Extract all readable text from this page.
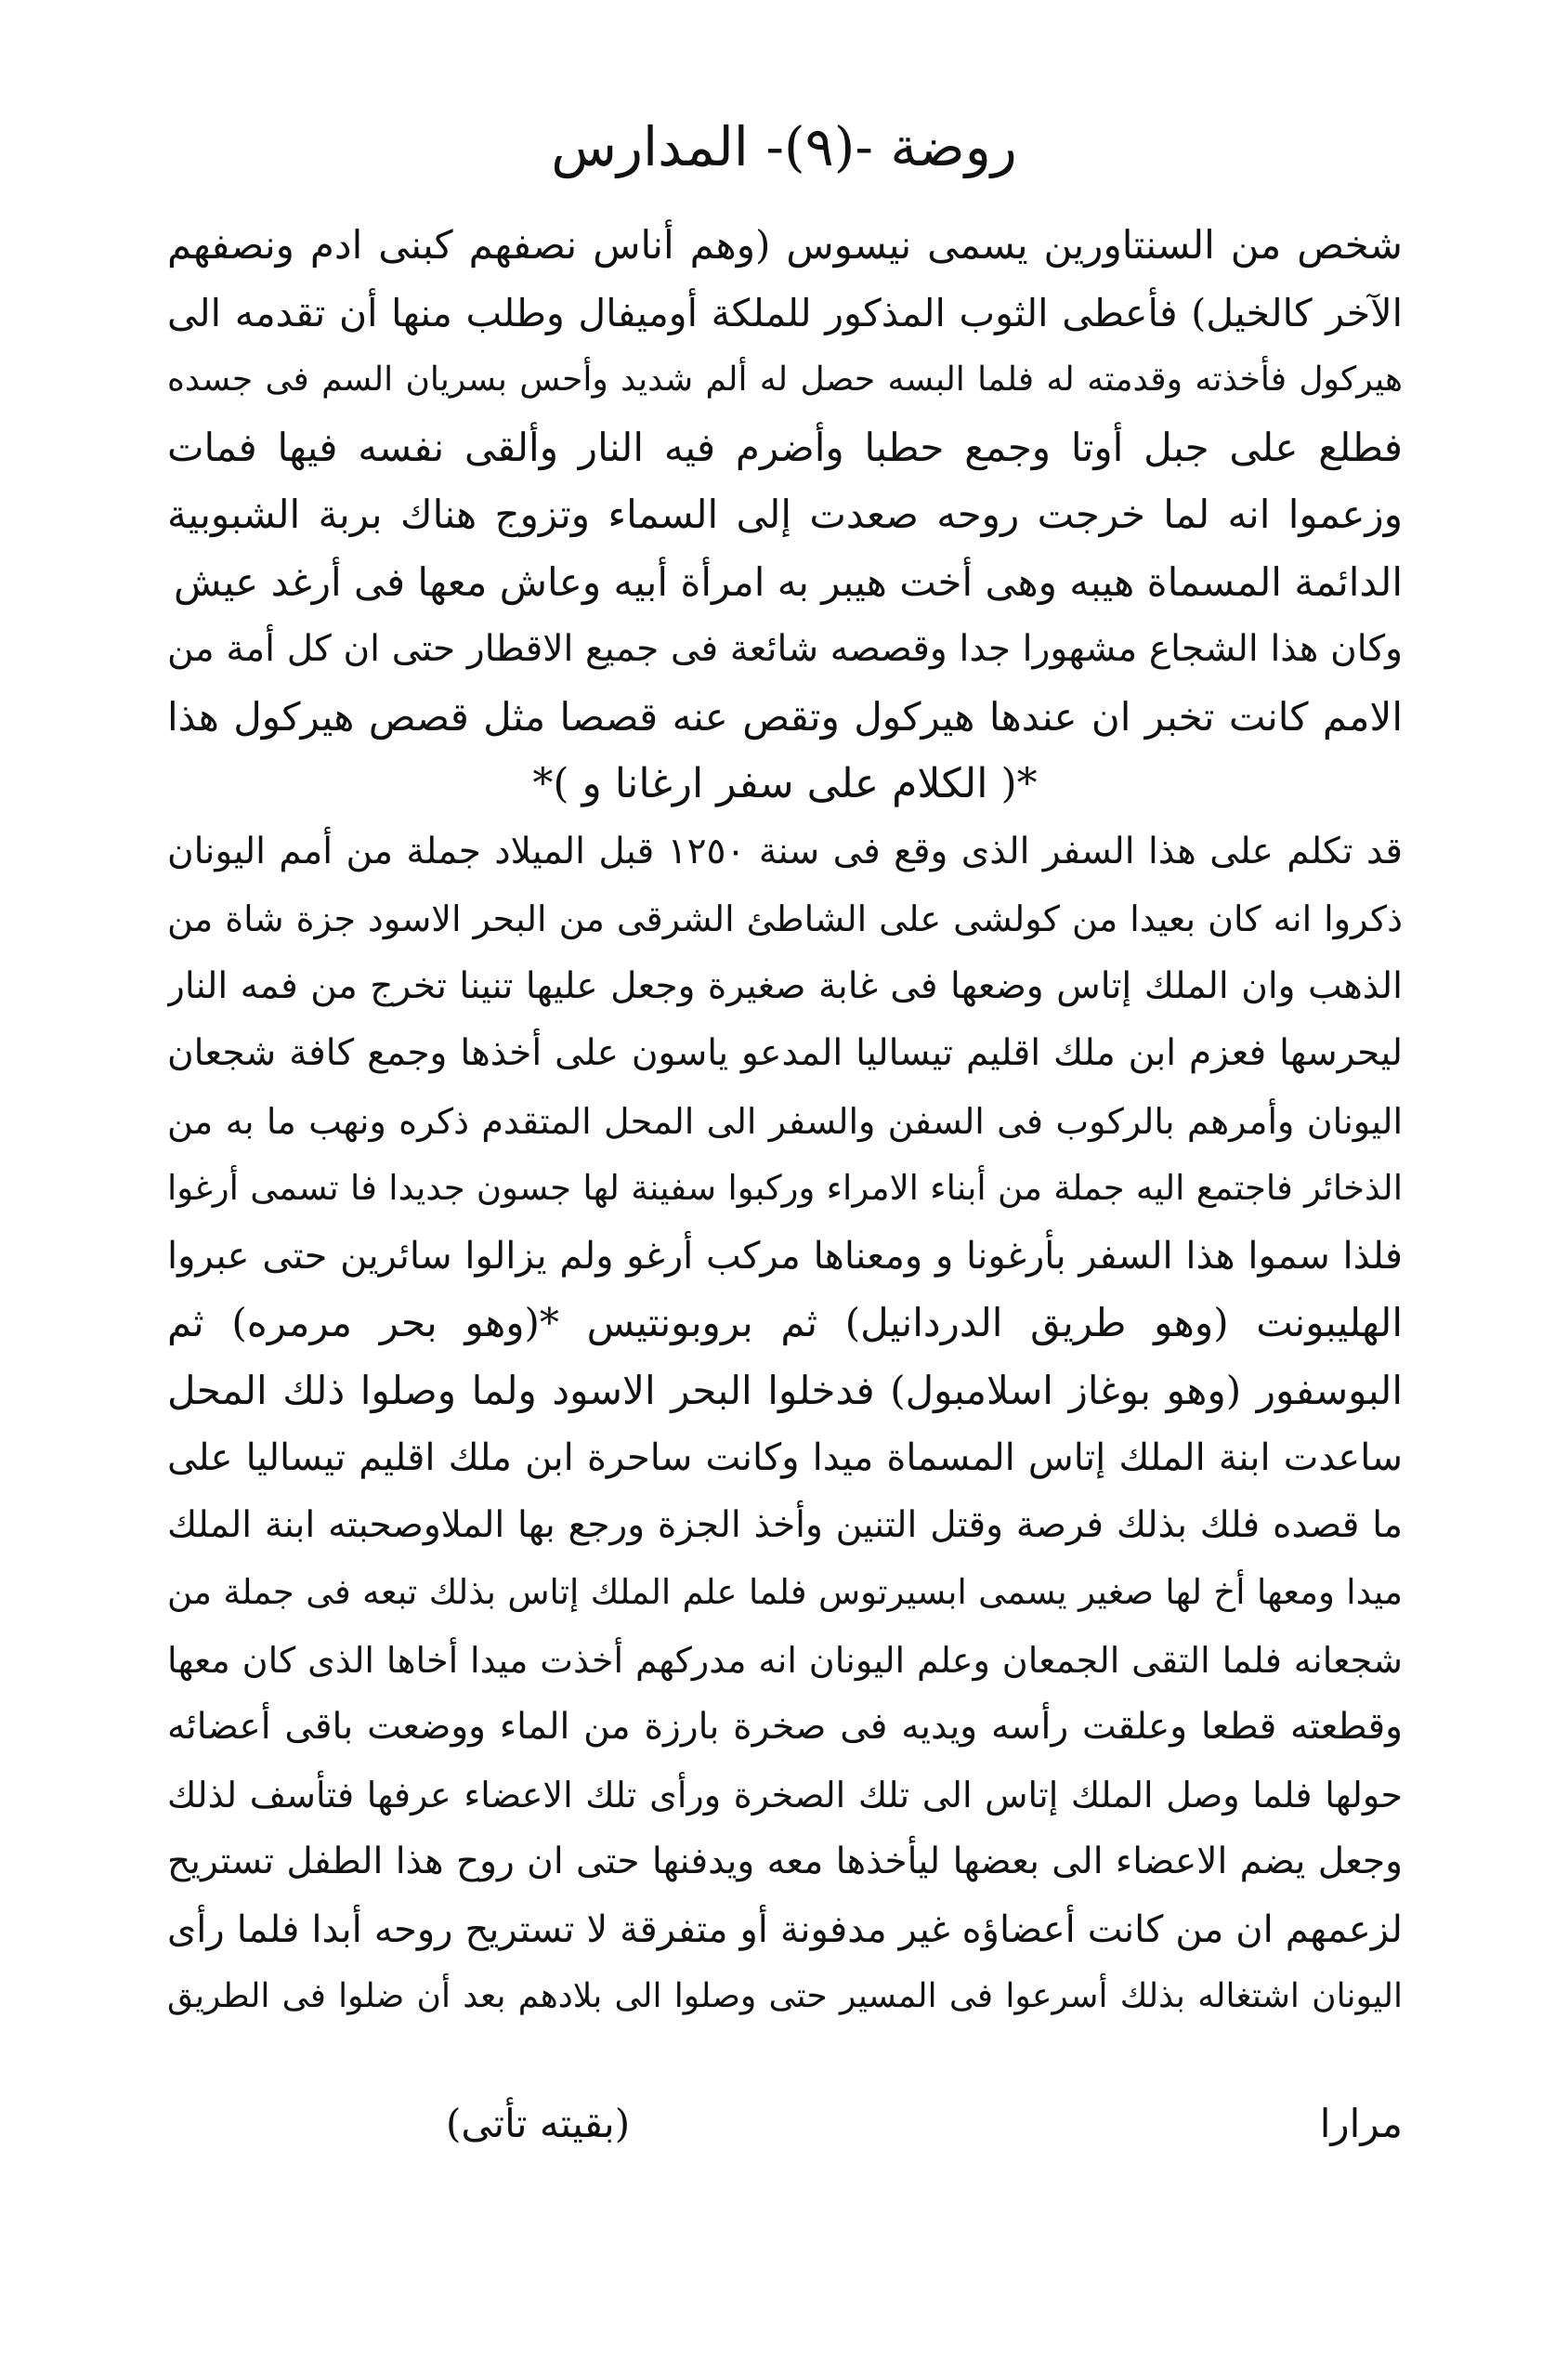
روضة -(٩)- المدارس
شخص من السنتاورين يسمى نيسوس (وهم أناس نصفهم كبنى ادم ونصفهم
الآخر كالخيل) فأعطى الثوب المذكور للملكة أوميفال وطلب منها أن تقدمه الى
هيركول فأخذته وقدمته له فلما البسه حصل له ألم شديد وأحس بسريان السم فى جسده
فطلع على جبل أوتا وجمع حطبا وأضرم فيه النار وألقى نفسه فيها فمات
وزعموا انه لما خرجت روحه صعدت إلى السماء وتزوج هناك بربة الشبوبية
الدائمة المسماة هيبه وهى أخت هيبر به امرأة أبيه وعاش معها فى أرغد عيش
وكان هذا الشجاع مشهورا جدا وقصصه شائعة فى جميع الاقطار حتى ان كل أمة من
الامم كانت تخبر ان عندها هيركول وتقص عنه قصصا مثل قصص هيركول هذا
*( الكلام على سفر ارغانا و )*
قد تكلم على هذا السفر الذى وقع فى سنة ١٢٥٠ قبل الميلاد جملة من أمم اليونان
ذكروا انه كان بعيدا من كولشى على الشاطئ الشرقى من البحر الاسود جزة شاة من
الذهب وان الملك إتاس وضعها فى غابة صغيرة وجعل عليها تنينا تخرج من فمه النار
ليحرسها فعزم ابن ملك اقليم تيساليا المدعو ياسون على أخذها وجمع كافة شجعان
اليونان وأمرهم بالركوب فى السفن والسفر الى المحل المتقدم ذكره ونهب ما به من
الذخائر فاجتمع اليه جملة من أبناء الامراء وركبوا سفينة لها جسون جديدا فا تسمى أرغوا
فلذا سموا هذا السفر بأرغونا و ومعناها مركب أرغو ولم يزالوا سائرين حتى عبروا
الهليبونت (وهو طريق الدردانيل) ثم بروبونتيس *(وهو بحر مرمره) ثم
البوسفور (وهو بوغاز اسلامبول) فدخلوا البحر الاسود ولما وصلوا ذلك المحل
ساعدت ابنة الملك إتاس المسماة ميدا وكانت ساحرة ابن ملك اقليم تيساليا على
ما قصده فلك بذلك فرصة وقتل التنين وأخذ الجزة ورجع بها الملاوصحبته ابنة الملك
ميدا ومعها أخ لها صغير يسمى ابسيرتوس فلما علم الملك إتاس بذلك تبعه فى جملة من
شجعانه فلما التقى الجمعان وعلم اليونان انه مدركهم أخذت ميدا أخاها الذى كان معها
وقطعته قطعا وعلقت رأسه ويديه فى صخرة بارزة من الماء ووضعت باقى أعضائه
حولها فلما وصل الملك إتاس الى تلك الصخرة ورأى تلك الاعضاء عرفها فتأسف لذلك
وجعل يضم الاعضاء الى بعضها ليأخذها معه ويدفنها حتى ان روح هذا الطفل تستريح
لزعمهم ان من كانت أعضاؤه غير مدفونة أو متفرقة لا تستريح روحه أبدا فلما رأى
اليونان اشتغاله بذلك أسرعوا فى المسير حتى وصلوا الى بلادهم بعد أن ضلوا فى الطريق
مرارا
(بقيته تأتى)
